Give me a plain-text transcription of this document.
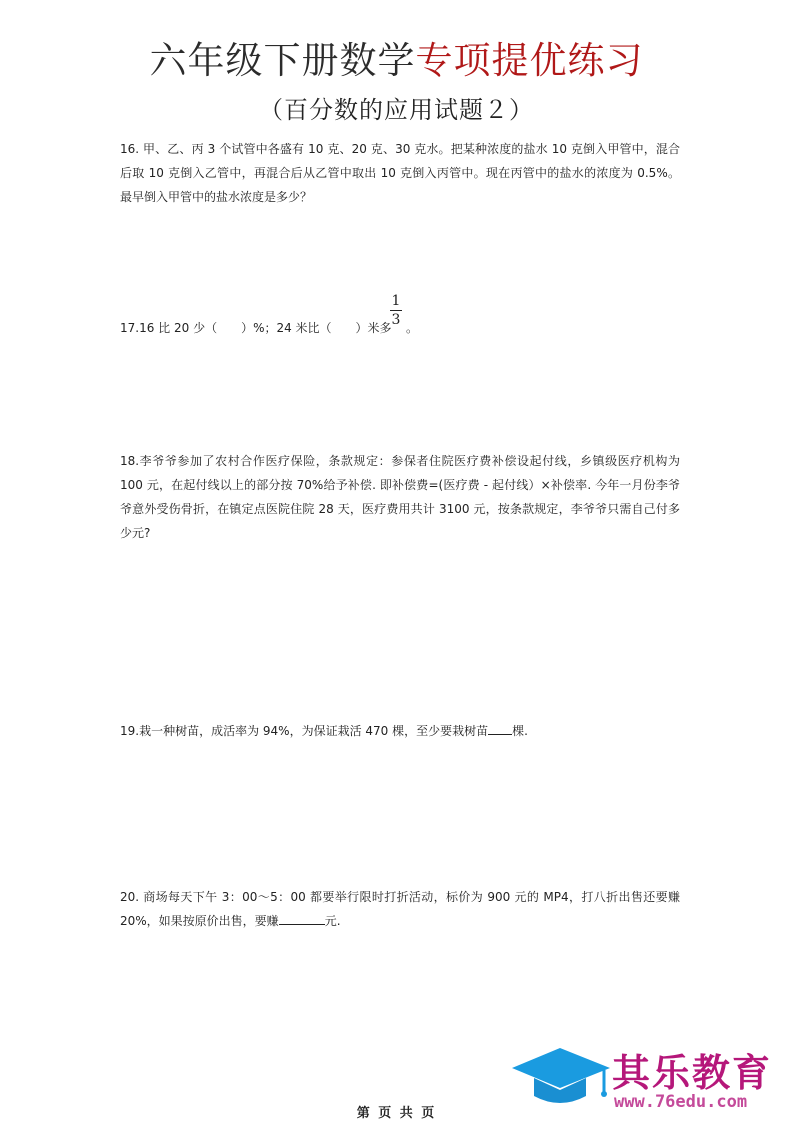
六年级下册数学专项提优练习
（百分数的应用试题２）
16. 甲、乙、丙 3 个试管中各盛有 10 克、20 克、30 克水。把某种浓度的盐水 10 克倒入甲管中，混合后取 10 克倒入乙管中，再混合后从乙管中取出 10 克倒入丙管中。现在丙管中的盐水的浓度为 0.5%。最早倒入甲管中的盐水浓度是多少？
17.16 比 20 少（　　）%；24 米比（　　）米多
1
3 。
18.李爷爷参加了农村合作医疗保险，条款规定：参保者住院医疗费补偿设起付线，乡镇级医疗机构为 100 元，在起付线以上的部分按 70%给予补偿. 即补偿费=(医疗费 - 起付线）×补偿率. 今年一月份李爷爷意外受伤骨折，在镇定点医院住院 28 天，医疗费用共计 3100 元，按条款规定，李爷爷只需自己付多少元?
19.栽一种树苗，成活率为 94%，为保证栽活 470 棵，至少要栽树苗 棵.
20. 商场每天下午 3：00～5：00 都要举行限时打折活动，标价为 900 元的 MP4，打八折出售还要赚 20%，如果按原价出售，要赚	元.
其乐教育
www.76edu.com
第 页 共 页
